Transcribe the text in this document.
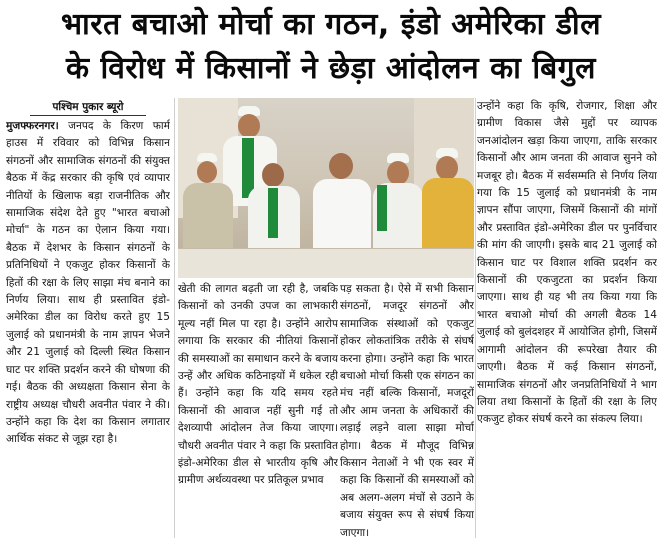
भारत बचाओ मोर्चा का गठन, इंडो अमेरिका डील
के विरोध में किसानों ने छेड़ा आंदोलन का बिगुल
पश्चिम पुकार ब्यूरो
मुजफ्फरनगर। जनपद के किरण फार्म हाउस में रविवार को विभिन्न किसान संगठनों और सामाजिक संगठनों की संयुक्त बैठक में केंद्र सरकार की कृषि एवं व्यापार नीतियों के खिलाफ बड़ा राजनीतिक और सामाजिक संदेश देते हुए "भारत बचाओ मोर्चा" के गठन का ऐलान किया गया। बैठक में देशभर के किसान संगठनों के प्रतिनिधियों ने एकजुट होकर किसानों के हितों की रक्षा के लिए साझा मंच बनाने का निर्णय लिया। साथ ही प्रस्तावित इंडो-अमेरिका डील का विरोध करते हुए 15 जुलाई को प्रधानमंत्री के नाम ज्ञापन भेजने और 21 जुलाई को दिल्ली स्थित किसान घाट पर शक्ति प्रदर्शन करने की घोषणा की गई। बैठक की अध्यक्षता किसान सेना के राष्ट्रीय अध्यक्ष चौधरी अवनीत पंवार ने की। उन्होंने कहा कि देश का किसान लगातार आर्थिक संकट से जूझ रहा है।
खेती की लागत बढ़ती जा रही है, जबकि किसानों को उनकी उपज का लाभकारी मूल्य नहीं मिल पा रहा है। उन्होंने आरोप लगाया कि सरकार की नीतियां किसानों की समस्याओं का समाधान करने के बजाय उन्हें और अधिक कठिनाइयों में धकेल रही हैं। उन्होंने कहा कि यदि समय रहते किसानों की आवाज नहीं सुनी गई तो देशव्यापी आंदोलन तेज किया जाएगा। चौधरी अवनीत पंवार ने कहा कि प्रस्तावित इंडो-अमेरिका डील से भारतीय कृषि और ग्रामीण अर्थव्यवस्था पर प्रतिकूल प्रभाव
पड़ सकता है। ऐसे में सभी किसान संगठनों, मजदूर संगठनों और सामाजिक संस्थाओं को एकजुट होकर लोकतांत्रिक तरीके से संघर्ष करना होगा। उन्होंने कहा कि भारत बचाओ मोर्चा किसी एक संगठन का मंच नहीं बल्कि किसानों, मजदूरों और आम जनता के अधिकारों की लड़ाई लड़ने वाला साझा मोर्चा होगा। बैठक में मौजूद विभिन्न किसान नेताओं ने भी एक स्वर में कहा कि किसानों की समस्याओं को अब अलग-अलग मंचों से उठाने के बजाय संयुक्त रूप से संघर्ष किया जाएगा।
उन्होंने कहा कि कृषि, रोजगार, शिक्षा और ग्रामीण विकास जैसे मुद्दों पर व्यापक जनआंदोलन खड़ा किया जाएगा, ताकि सरकार किसानों और आम जनता की आवाज सुनने को मजबूर हो। बैठक में सर्वसम्मति से निर्णय लिया गया कि 15 जुलाई को प्रधानमंत्री के नाम ज्ञापन सौंपा जाएगा, जिसमें किसानों की मांगों और प्रस्तावित इंडो-अमेरिका डील पर पुनर्विचार की मांग की जाएगी। इसके बाद 21 जुलाई को किसान घाट पर विशाल शक्ति प्रदर्शन कर किसानों की एकजुटता का प्रदर्शन किया जाएगा। साथ ही यह भी तय किया गया कि भारत बचाओ मोर्चा की अगली बैठक 14 जुलाई को बुलंदशहर में आयोजित होगी, जिसमें आगामी आंदोलन की रूपरेखा तैयार की जाएगी। बैठक में कई किसान संगठनों, सामाजिक संगठनों और जनप्रतिनिधियों ने भाग लिया तथा किसानों के हितों की रक्षा के लिए एकजुट होकर संघर्ष करने का संकल्प लिया।
